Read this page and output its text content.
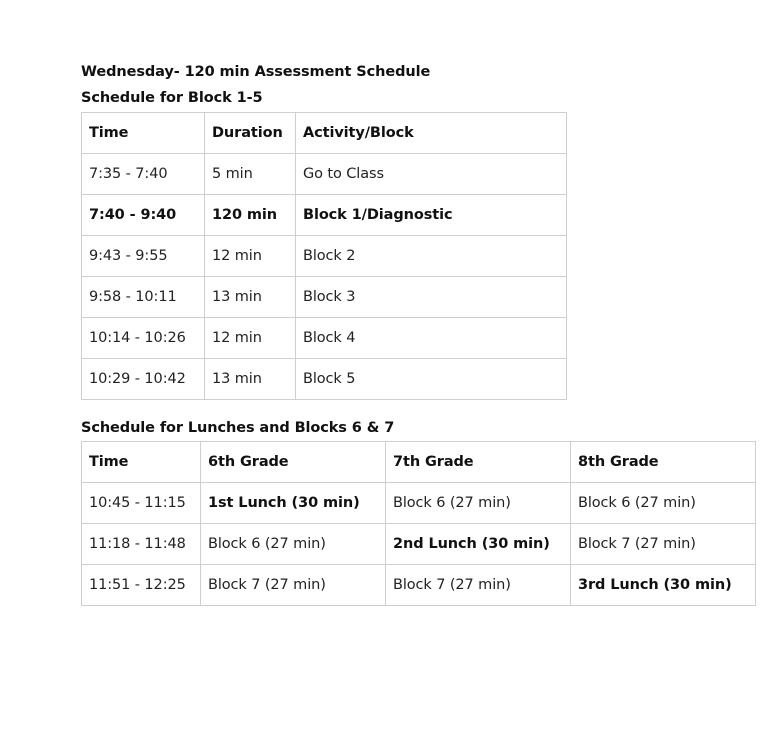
Wednesday- 120 min Assessment Schedule
Schedule for Block 1-5
Time	Duration	Activity/Block
7:35 - 7:40	5 min	Go to Class
7:40 - 9:40	120 min	Block 1/Diagnostic
9:43 - 9:55	12 min	Block 2
9:58 - 10:11	13 min	Block 3
10:14 - 10:26	12 min	Block 4
10:29 - 10:42	13 min	Block 5
Schedule for Lunches and Blocks 6 & 7
Time	6th Grade	7th Grade	8th Grade
10:45 - 11:15	1st Lunch (30 min)	Block 6 (27 min)	Block 6 (27 min)
11:18 - 11:48	Block 6 (27 min)	2nd Lunch (30 min)	Block 7 (27 min)
11:51 - 12:25	Block 7 (27 min)	Block 7 (27 min)	3rd Lunch (30 min)
